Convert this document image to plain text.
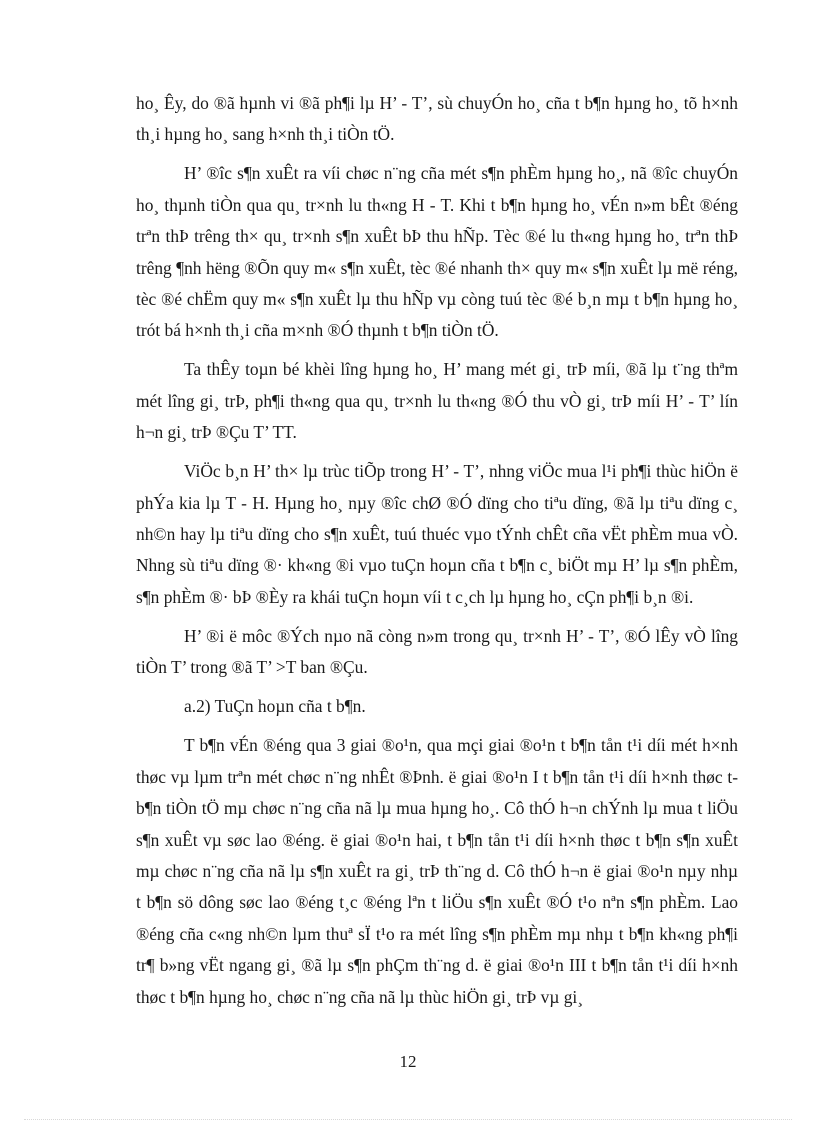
ho¸ Êy, do ®ã hµnh vi ®ã ph¶i lµ H’ - T’, sù chuyÓn ho¸ cña t b¶n hµng ho¸ tõ h×nh th¸i hµng ho¸ sang h×nh th¸i tiÒn tÖ.

H’ ®îc s¶n xuÊt ra víi chøc n¨ng cña mét s¶n phÈm hµng ho¸, nã ®îc chuyÓn ho¸ thµnh tiÒn qua qu¸ tr×nh lu th«ng H - T. Khi t b¶n hµng ho¸ vÉn n»m bÊt ®éng trªn thÞ trêng th× qu¸ tr×nh s¶n xuÊt bÞ thu hÑp. Tèc ®é lu th«ng hµng ho¸ trªn thÞ trêng ¶nh hëng ®Õn quy m« s¶n xuÊt, tèc ®é nhanh th× quy m« s¶n xuÊt lµ më réng, tèc ®é chËm quy m« s¶n xuÊt lµ thu hÑp vµ còng tuú tèc ®é b¸n mµ t b¶n hµng ho¸ trót bá h×nh th¸i cña m×nh ®Ó thµnh t b¶n tiÒn tÖ.

Ta thÊy toµn bé khèi lîng hµng ho¸ H’ mang mét gi¸ trÞ míi, ®ã lµ t¨ng thªm mét lîng gi¸ trÞ, ph¶i th«ng qua qu¸ tr×nh lu th«ng ®Ó thu vÒ gi¸ trÞ míi H’ - T’ lín h¬n gi¸ trÞ ®Çu T’ TT.

ViÖc b¸n H’ th× lµ trùc tiÕp trong H’ - T’, nhng viÖc mua l¹i ph¶i thùc hiÖn ë phÝa kia lµ T - H. Hµng ho¸ nµy ®îc chØ ®Ó dïng cho tiªu dïng, ®ã lµ tiªu dïng c¸ nh©n hay lµ tiªu dïng cho s¶n xuÊt, tuú thuéc vµo tÝnh chÊt cña vËt phÈm mua vÒ. Nhng sù tiªu dïng ®· kh«ng ®i vµo tuÇn hoµn cña t b¶n c¸ biÖt mµ H’ lµ s¶n phÈm, s¶n phÈm ®· bÞ ®Èy ra khái tuÇn hoµn víi t c¸ch lµ hµng ho¸ cÇn ph¶i b¸n ®i.

H’ ®i ë môc ®Ých nµo nã còng n»m trong qu¸ tr×nh H’ - T’, ®Ó lÊy vÒ lîng tiÒn T’ trong ®ã T’ >T ban ®Çu.

a.2) TuÇn hoµn cña t b¶n.

T b¶n vÉn ®éng qua 3 giai ®o¹n, qua mçi giai ®o¹n t b¶n tån t¹i díi mét h×nh thøc vµ lµm trªn mét chøc n¨ng nhÊt ®Þnh. ë giai ®o¹n I t b¶n tån t¹i díi h×nh thøc t b¶n tiÒn tÖ mµ chøc n¨ng cña nã lµ mua hµng ho¸. Cô thÓ h¬n chÝnh lµ mua t liÖu s¶n xuÊt vµ søc lao ®éng. ë giai ®o¹n hai, t b¶n tån t¹i díi h×nh thøc t b¶n s¶n xuÊt mµ chøc n¨ng cña nã lµ s¶n xuÊt ra gi¸ trÞ th¨ng d. Cô thÓ h¬n ë giai ®o¹n nµy nhµ t b¶n sö dông søc lao ®éng t¸c ®éng lªn t liÖu s¶n xuÊt ®Ó t¹o nªn s¶n phÈm. Lao ®éng cña c«ng nh©n lµm thuª sÏ t¹o ra mét lîng s¶n phÈm mµ nhµ t b¶n kh«ng ph¶i tr¶ b»ng vËt ngang gi¸ ®ã lµ s¶n phÇm th¨ng d. ë giai ®o¹n III t b¶n tån t¹i díi h×nh thøc t b¶n hµng ho¸ chøc n¨ng cña nã lµ thùc hiÖn gi¸ trÞ vµ gi¸

12
